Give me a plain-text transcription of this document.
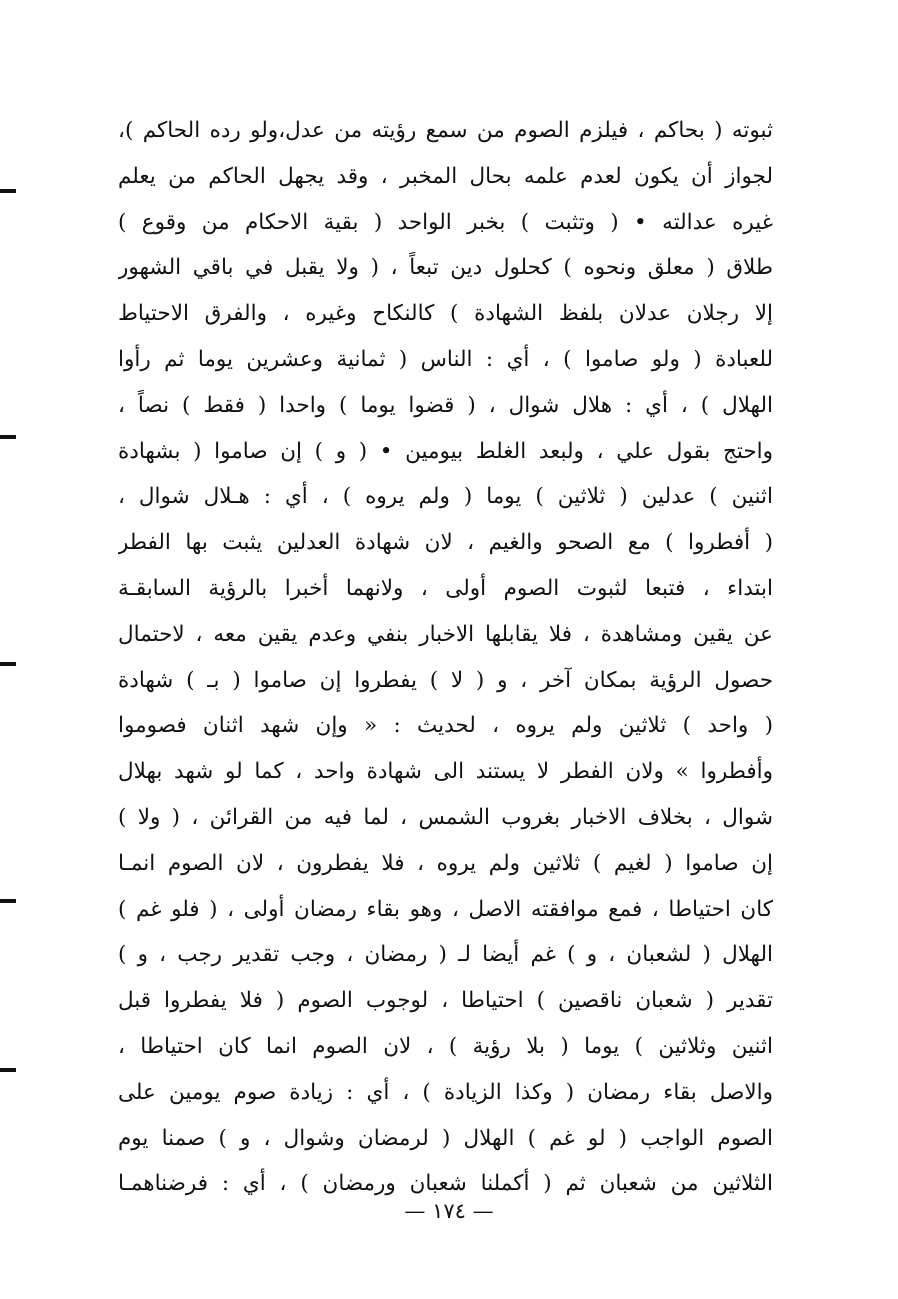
ثبوته ( بحاكم ، فيلزم الصوم من سمع رؤيته من عدل،ولو رده الحاكم )،
لجواز أن يكون لعدم علمه بحال المخبر ، وقد يجهل الحاكم من يعلم
غيره عدالته • ( وتثبت ) بخبر الواحد ( بقية الاحكام من وقوع )
طلاق ( معلق ونحوه ) كحلول دين تبعاً ، ( ولا يقبل في باقي الشهور
إلا رجلان عدلان بلفظ الشهادة ) كالنكاح وغيره ، والفرق الاحتياط
للعبادة ( ولو صاموا ) ، أي : الناس ( ثمانية وعشرين يوما ثم رأوا
الهلال ) ، أي : هلال شوال ، ( قضوا يوما ) واحدا ( فقط ) نصاً ،
واحتج بقول علي ، ولبعد الغلط بيومين • ( و ) إن صاموا ( بشهادة
اثنين ) عدلين ( ثلاثين ) يوما ( ولم يروه ) ، أي : هـلال شوال ،
( أفطروا ) مع الصحو والغيم ، لان شهادة العدلين يثبت بها الفطر
ابتداء ، فتبعا لثبوت الصوم أولى ، ولانهما أخبرا بالرؤية السابقـة
عن يقين ومشاهدة ، فلا يقابلها الاخبار بنفي وعدم يقين معه ، لاحتمال
حصول الرؤية بمكان آخر ، و ( لا ) يفطروا إن صاموا ( بـ ) شهادة
( واحد ) ثلاثين ولم يروه ، لحديث : « وإن شهد اثنان فصوموا
وأفطروا » ولان الفطر لا يستند الى شهادة واحد ، كما لو شهد بهلال
شوال ، بخلاف الاخبار بغروب الشمس ، لما فيه من القرائن ، ( ولا )
إن صاموا ( لغيم ) ثلاثين ولم يروه ، فلا يفطرون ، لان الصوم انمـا
كان احتياطا ، فمع موافقته الاصل ، وهو بقاء رمضان أولى ، ( فلو غم )
الهلال ( لشعبان ، و ) غم أيضا لـ ( رمضان ، وجب تقدير رجب ، و )
تقدير ( شعبان ناقصين ) احتياطا ، لوجوب الصوم ( فلا يفطروا قبل
اثنين وثلاثين ) يوما ( بلا رؤية ) ، لان الصوم انما كان احتياطا ،
والاصل بقاء رمضان ( وكذا الزيادة ) ، أي : زيادة صوم يومين على
الصوم الواجب ( لو غم ) الهلال ( لرمضان وشوال ، و ) صمنا يوم
الثلاثين من شعبان ثم ( أكملنا شعبان ورمضان ) ، أي : فرضناهمـا
— ١٧٤ —
